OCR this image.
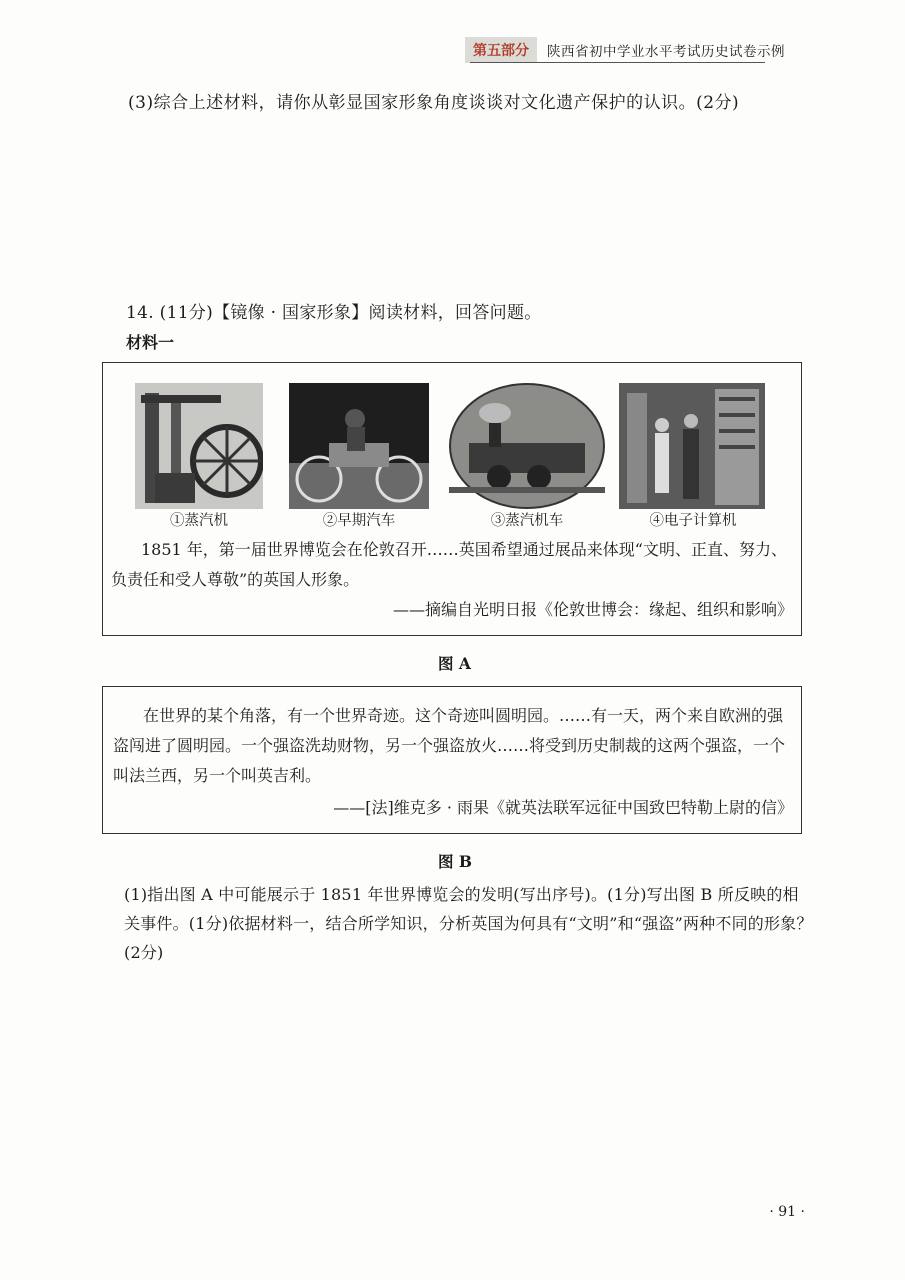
第五部分	陕西省初中学业水平考试历史试卷示例
(3)综合上述材料，请你从彰显国家形象角度谈谈对文化遗产保护的认识。(2分)
14. (11分)【镜像 · 国家形象】阅读材料，回答问题。
材料一
①蒸汽机	②早期汽车	③蒸汽机车	④电子计算机
1851 年，第一届世界博览会在伦敦召开……英国希望通过展品来体现“文明、正直、努力、负责任和受人尊敬”的英国人形象。
——摘编自光明日报《伦敦世博会：缘起、组织和影响》
图 A
在世界的某个角落，有一个世界奇迹。这个奇迹叫圆明园。……有一天，两个来自欧洲的强盗闯进了圆明园。一个强盗洗劫财物，另一个强盗放火……将受到历史制裁的这两个强盗，一个叫法兰西，另一个叫英吉利。
——[法]维克多 · 雨果《就英法联军远征中国致巴特勒上尉的信》
图 B
(1)指出图 A 中可能展示于 1851 年世界博览会的发明(写出序号)。(1分)写出图 B 所反映的相关事件。(1分)依据材料一，结合所学知识，分析英国为何具有“文明”和“强盗”两种不同的形象？(2分)
· 91 ·
